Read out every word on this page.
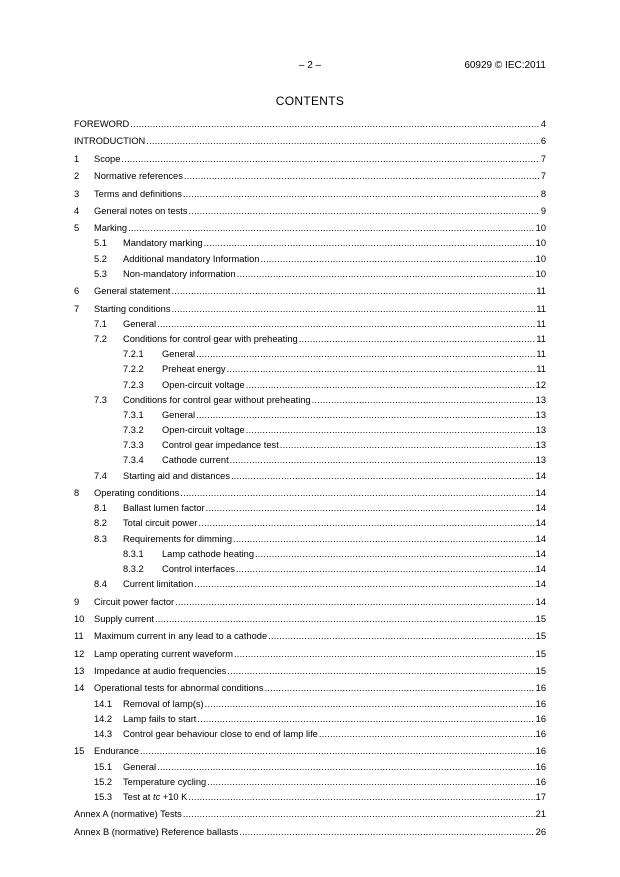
– 2 –	60929 © IEC:2011
CONTENTS
FOREWORD .....	4
INTRODUCTION .....	6
1	Scope .....	7
2	Normative references .....	7
3	Terms and definitions .....	8
4	General notes on tests .....	9
5	Marking .....	10
5.1	Mandatory marking .....	10
5.2	Additional mandatory Information .....	10
5.3	Non-mandatory information .....	10
6	General statement .....	11
7	Starting conditions .....	11
7.1	General .....	11
7.2	Conditions for control gear with preheating .....	11
7.2.1	General .....	11
7.2.2	Preheat energy .....	11
7.2.3	Open-circuit voltage .....	12
7.3	Conditions for control gear without preheating .....	13
7.3.1	General .....	13
7.3.2	Open-circuit voltage .....	13
7.3.3	Control gear impedance test .....	13
7.3.4	Cathode current .....	13
7.4	Starting aid and distances .....	14
8	Operating conditions .....	14
8.1	Ballast lumen factor .....	14
8.2	Total circuit power .....	14
8.3	Requirements for dimming .....	14
8.3.1	Lamp cathode heating .....	14
8.3.2	Control interfaces .....	14
8.4	Current limitation .....	14
9	Circuit power factor .....	14
10	Supply current .....	15
11	Maximum current in any lead to a cathode .....	15
12	Lamp operating current waveform .....	15
13	Impedance at audio frequencies .....	15
14	Operational tests for abnormal conditions .....	16
14.1	Removal of lamp(s) .....	16
14.2	Lamp fails to start .....	16
14.3	Control gear behaviour close to end of lamp life .....	16
15	Endurance .....	16
15.1	General .....	16
15.2	Temperature cycling .....	16
15.3	Test at tc +10 K .....	17
Annex A (normative) Tests .....	21
Annex B (normative) Reference ballasts .....	26
